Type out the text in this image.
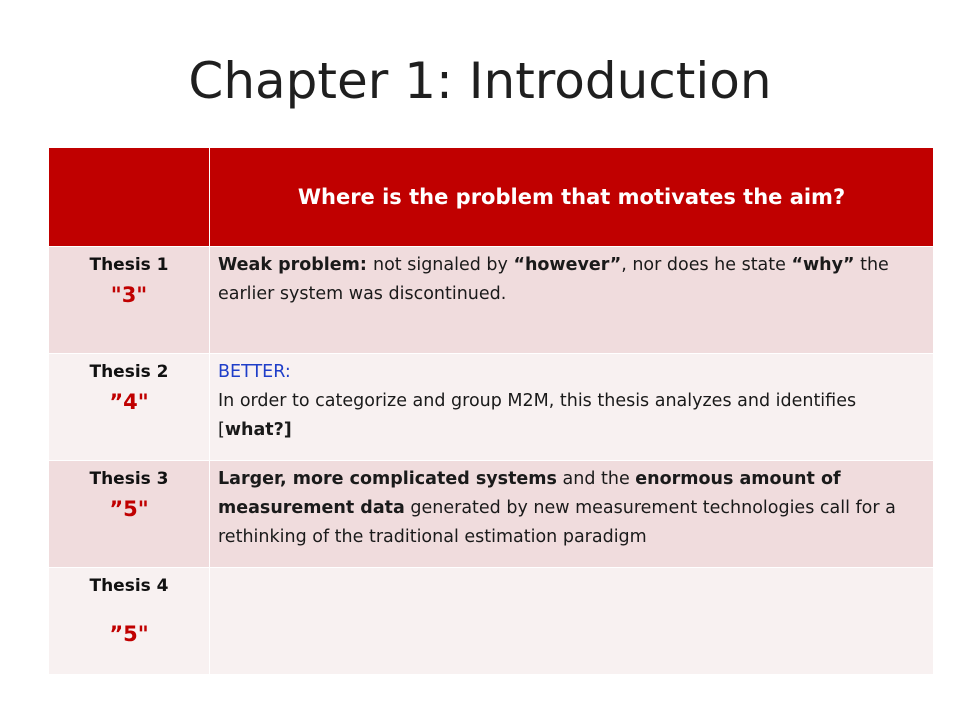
Chapter 1: Introduction
	Where is the problem that motivates the aim?

Thesis 1
"3"	Weak problem: not signaled by “however”, nor does he state “why” the earlier system was discontinued.

Thesis 2
”4"	BETTER:
In order to categorize and group M2M, this thesis analyzes and identifies [what?]

Thesis 3
”5"	Larger, more complicated systems and the enormous amount of measurement data generated by new measurement technologies call for a rethinking of the traditional estimation paradigm

Thesis 4
”5"	
